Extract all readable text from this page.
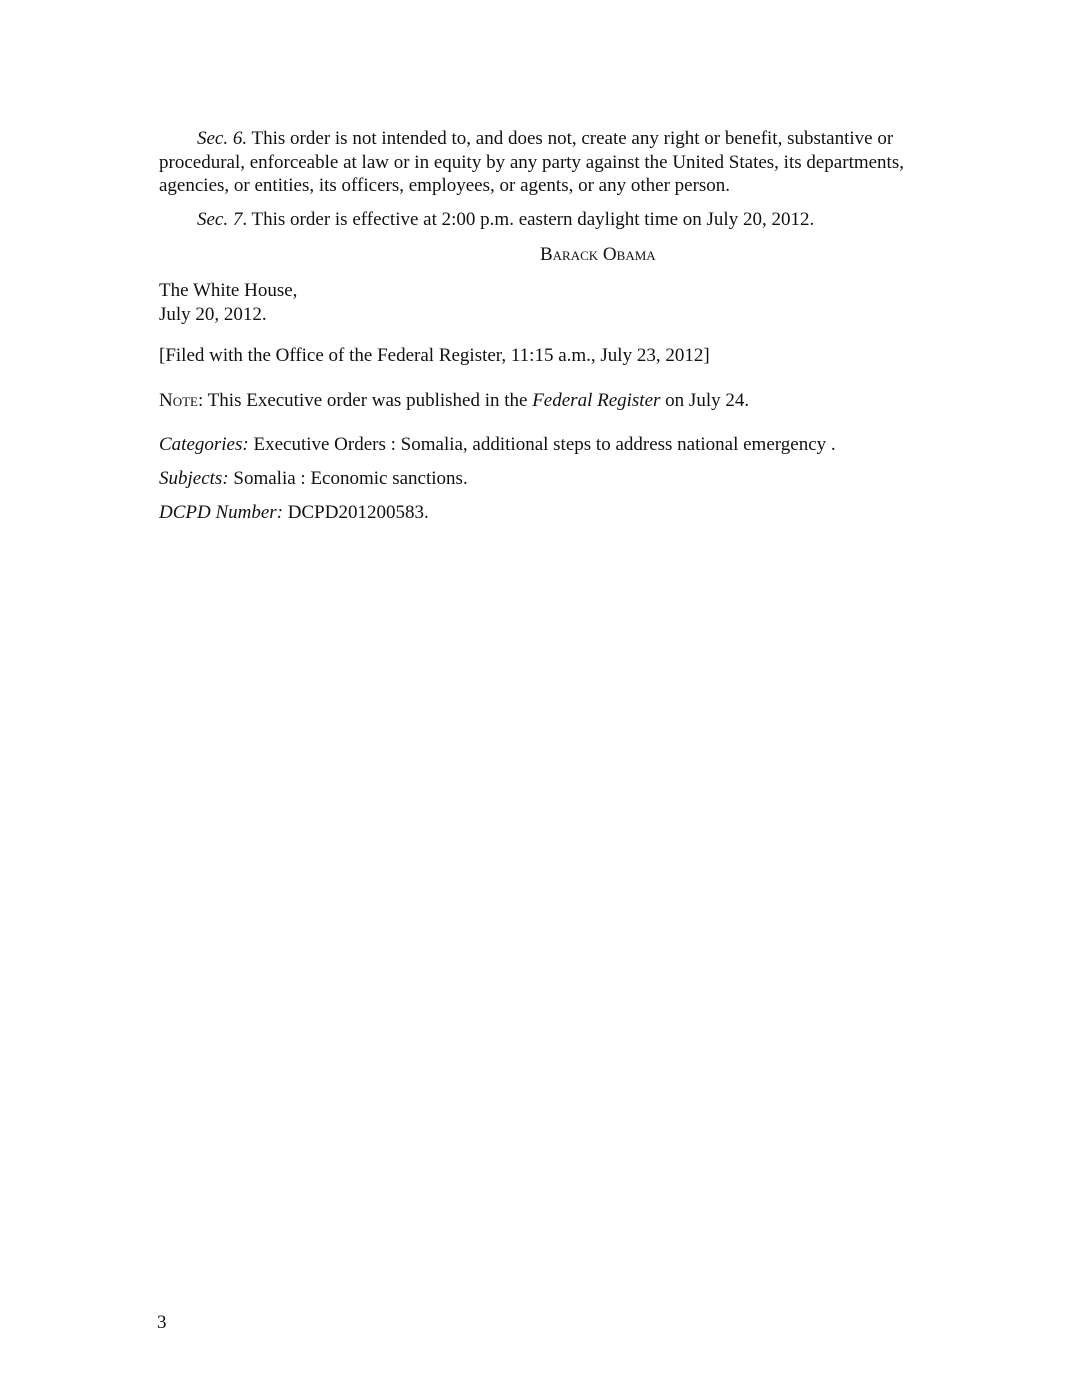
Sec. 6. This order is not intended to, and does not, create any right or benefit, substantive or procedural, enforceable at law or in equity by any party against the United States, its departments, agencies, or entities, its officers, employees, or agents, or any other person.

Sec. 7. This order is effective at 2:00 p.m. eastern daylight time on July 20, 2012.

Barack Obama
The White House,
July 20, 2012.
[Filed with the Office of the Federal Register, 11:15 a.m., July 23, 2012]
Note: This Executive order was published in the Federal Register on July 24.
Categories: Executive Orders : Somalia, additional steps to address national emergency .
Subjects: Somalia : Economic sanctions.
DCPD Number: DCPD201200583.
3
